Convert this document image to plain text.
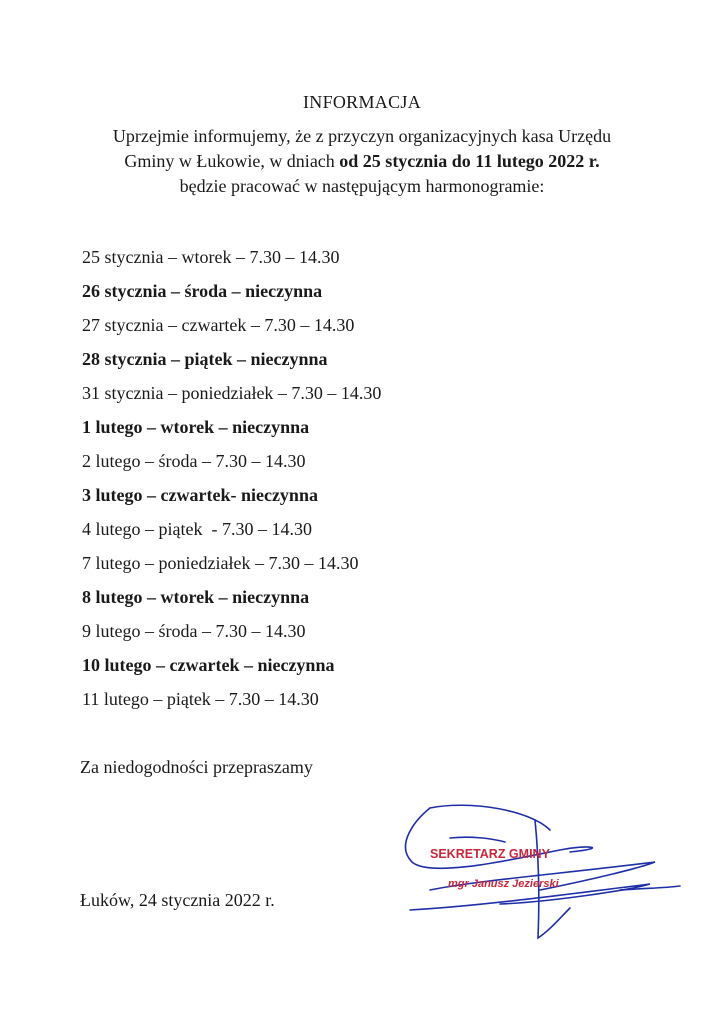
INFORMACJA
Uprzejmie informujemy, że z przyczyn organizacyjnych kasa Urzędu
Gminy w Łukowie, w dniach od 25 stycznia do 11 lutego 2022 r.
będzie pracować w następującym harmonogramie:
25 stycznia – wtorek – 7.30 – 14.30
26 stycznia – środa – nieczynna
27 stycznia – czwartek – 7.30 – 14.30
28 stycznia – piątek – nieczynna
31 stycznia – poniedziałek – 7.30 – 14.30
1 lutego – wtorek – nieczynna
2 lutego – środa – 7.30 – 14.30
3 lutego – czwartek- nieczynna
4 lutego – piątek  - 7.30 – 14.30
7 lutego – poniedziałek – 7.30 – 14.30
8 lutego – wtorek – nieczynna
9 lutego – środa – 7.30 – 14.30
10 lutego – czwartek – nieczynna
11 lutego – piątek – 7.30 – 14.30
Za niedogodności przepraszamy
Łuków, 24 stycznia 2022 r.
SEKRETARZ GMINY
mgr Janusz Jezierski
